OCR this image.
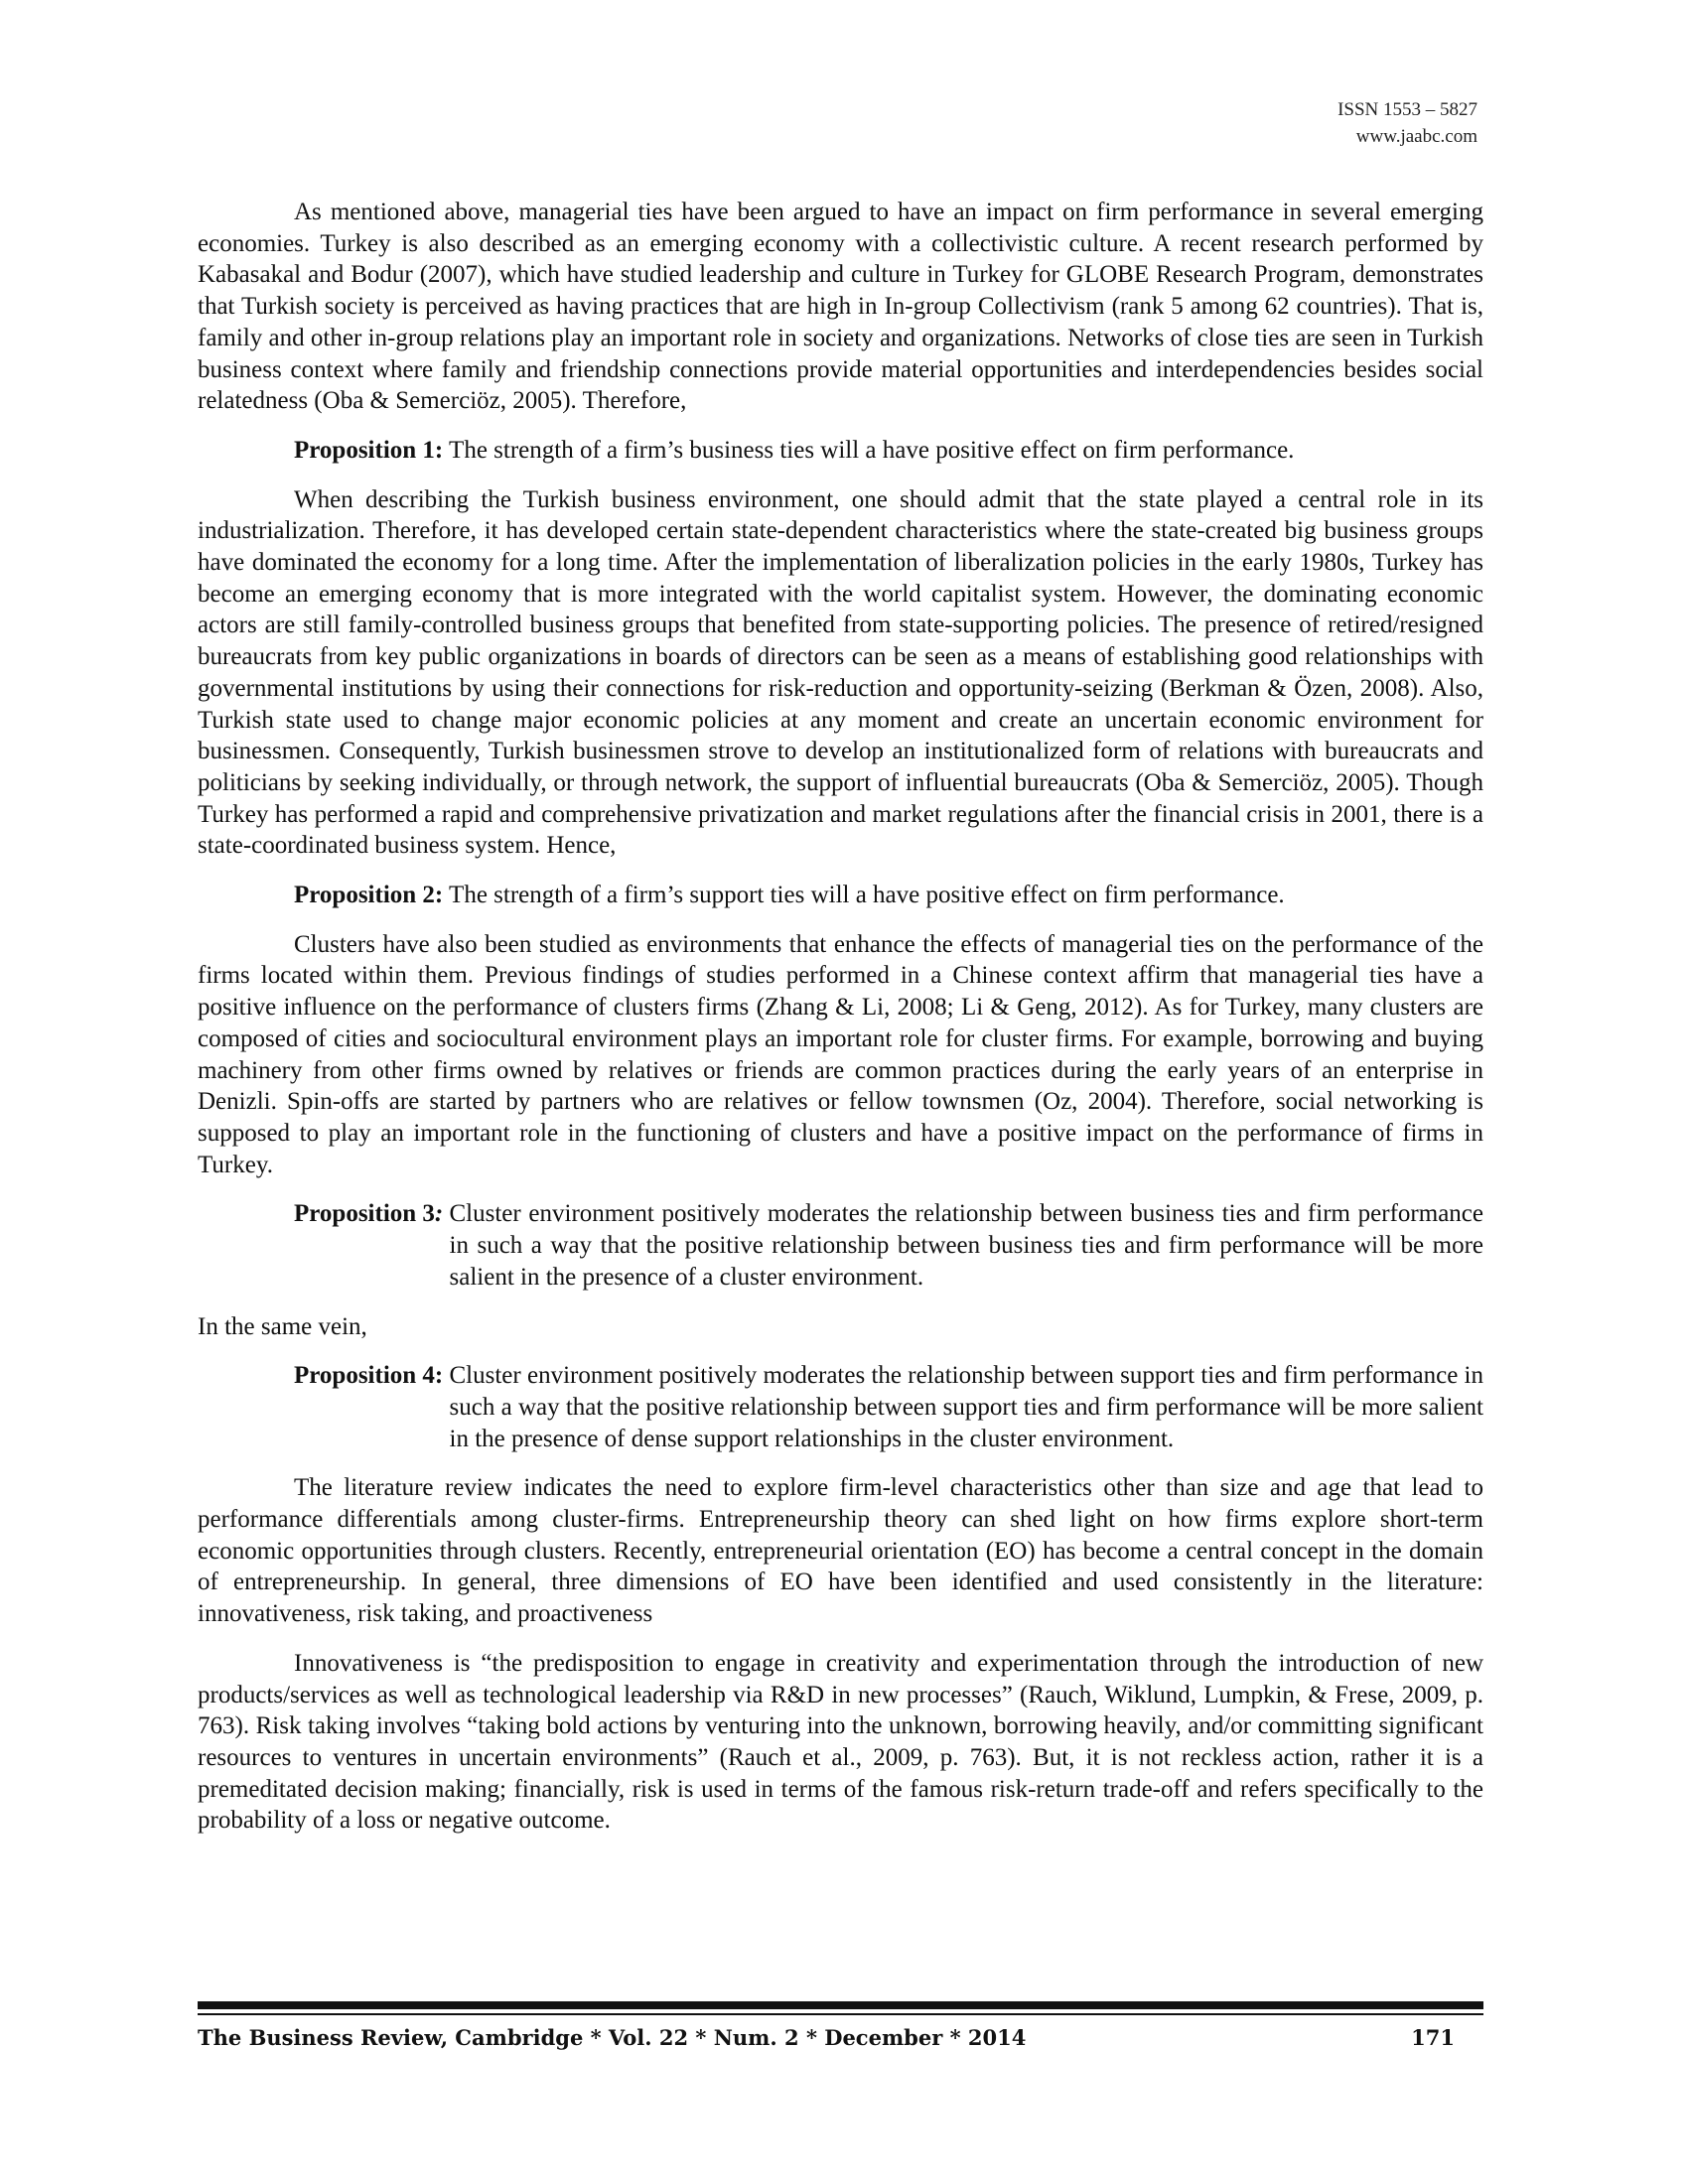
ISSN 1553 – 5827
www.jaabc.com

As mentioned above, managerial ties have been argued to have an impact on firm performance in several emerging economies. Turkey is also described as an emerging economy with a collectivistic culture. A recent research performed by Kabasakal and Bodur (2007), which have studied leadership and culture in Turkey for GLOBE Research Program, demonstrates that Turkish society is perceived as having practices that are high in In-group Collectivism (rank 5 among 62 countries). That is, family and other in-group relations play an important role in society and organizations. Networks of close ties are seen in Turkish business context where family and friendship connections provide material opportunities and interdependencies besides social relatedness (Oba & Semerciöz, 2005). Therefore,

Proposition 1: The strength of a firm’s business ties will a have positive effect on firm performance.

When describing the Turkish business environment, one should admit that the state played a central role in its industrialization. Therefore, it has developed certain state-dependent characteristics where the state-created big business groups have dominated the economy for a long time. After the implementation of liberalization policies in the early 1980s, Turkey has become an emerging economy that is more integrated with the world capitalist system. However, the dominating economic actors are still family-controlled business groups that benefited from state-supporting policies. The presence of retired/resigned bureaucrats from key public organizations in boards of directors can be seen as a means of establishing good relationships with governmental institutions by using their connections for risk-reduction and opportunity-seizing (Berkman & Özen, 2008). Also, Turkish state used to change major economic policies at any moment and create an uncertain economic environment for businessmen. Consequently, Turkish businessmen strove to develop an institutionalized form of relations with bureaucrats and politicians by seeking individually, or through network, the support of influential bureaucrats (Oba & Semerciöz, 2005). Though Turkey has performed a rapid and comprehensive privatization and market regulations after the financial crisis in 2001, there is a state-coordinated business system. Hence,

Proposition 2: The strength of a firm’s support ties will a have positive effect on firm performance.

Clusters have also been studied as environments that enhance the effects of managerial ties on the performance of the firms located within them. Previous findings of studies performed in a Chinese context affirm that managerial ties have a positive influence on the performance of clusters firms (Zhang & Li, 2008; Li & Geng, 2012). As for Turkey, many clusters are composed of cities and sociocultural environment plays an important role for cluster firms. For example, borrowing and buying machinery from other firms owned by relatives or friends are common practices during the early years of an enterprise in Denizli. Spin-offs are started by partners who are relatives or fellow townsmen (Oz, 2004). Therefore, social networking is supposed to play an important role in the functioning of clusters and have a positive impact on the performance of firms in Turkey.

Proposition 3: Cluster environment positively moderates the relationship between business ties and firm performance in such a way that the positive relationship between business ties and firm performance will be more salient in the presence of a cluster environment.

In the same vein,

Proposition 4: Cluster environment positively moderates the relationship between support ties and firm performance in such a way that the positive relationship between support ties and firm performance will be more salient in the presence of dense support relationships in the cluster environment.

The literature review indicates the need to explore firm-level characteristics other than size and age that lead to performance differentials among cluster-firms. Entrepreneurship theory can shed light on how firms explore short-term economic opportunities through clusters. Recently, entrepreneurial orientation (EO) has become a central concept in the domain of entrepreneurship. In general, three dimensions of EO have been identified and used consistently in the literature: innovativeness, risk taking, and proactiveness

Innovativeness is “the predisposition to engage in creativity and experimentation through the introduction of new products/services as well as technological leadership via R&D in new processes” (Rauch, Wiklund, Lumpkin, & Frese, 2009, p. 763). Risk taking involves “taking bold actions by venturing into the unknown, borrowing heavily, and/or committing significant resources to ventures in uncertain environments” (Rauch et al., 2009, p. 763). But, it is not reckless action, rather it is a premeditated decision making; financially, risk is used in terms of the famous risk-return trade-off and refers specifically to the probability of a loss or negative outcome.

The Business Review, Cambridge * Vol. 22 * Num. 2 * December * 2014	171
